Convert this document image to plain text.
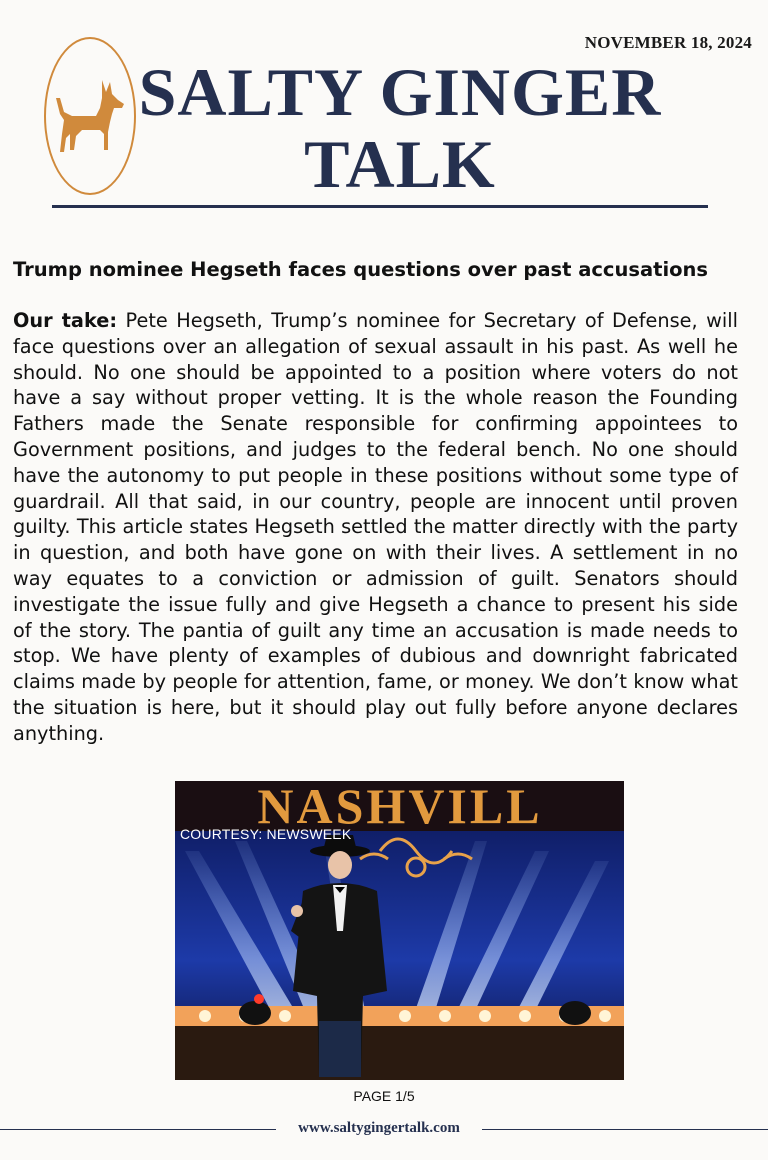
NOVEMBER 18, 2024
SALTY GINGER
TALK
Trump nominee Hegseth faces questions over past accusations
Our take: Pete Hegseth, Trump’s nominee for Secretary of Defense, will face questions over an allegation of sexual assault in his past. As well he should. No one should be appointed to a position where voters do not have a say without proper vetting. It is the whole reason the Founding Fathers made the Senate responsible for confirming appointees to Government positions, and judges to the federal bench. No one should have the autonomy to put people in these positions without some type of guardrail. All that said, in our country, people are innocent until proven guilty. This article states Hegseth settled the matter directly with the party in question, and both have gone on with their lives. A settlement in no way equates to a conviction or admission of guilt. Senators should investigate the issue fully and give Hegseth a chance to present his side of the story. The pantia of guilt any time an accusation is made needs to stop. We have plenty of examples of dubious and downright fabricated claims made by people for attention, fame, or money. We don’t know what the situation is here, but it should play out fully before anyone declares anything.
NASHVILL
COURTESY: NEWSWEEK
PAGE 1/5
www.saltygingertalk.com
